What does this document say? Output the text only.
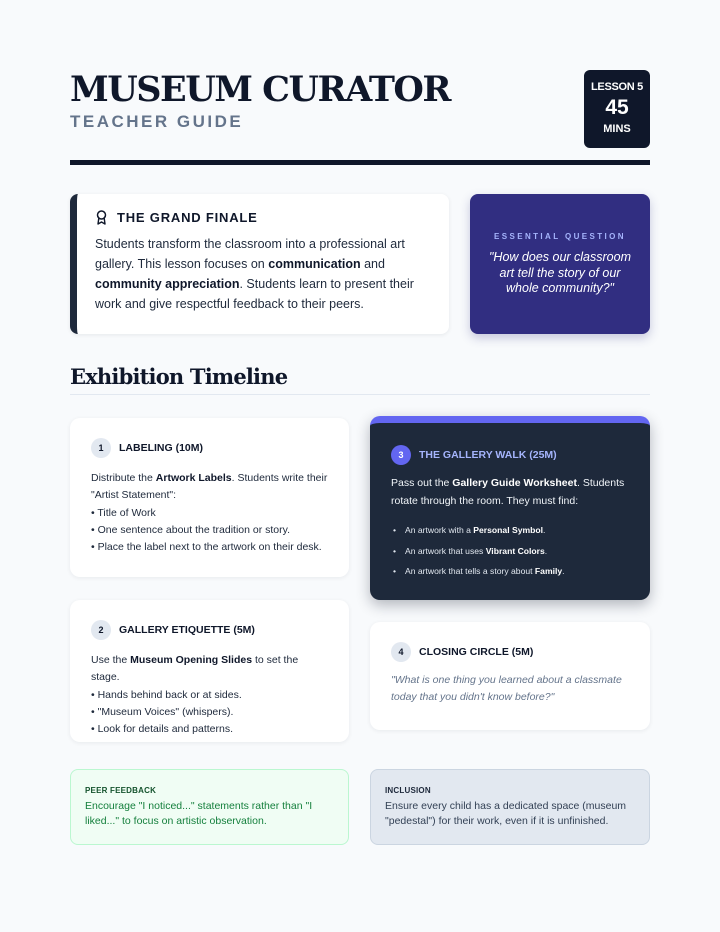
MUSEUM CURATOR
TEACHER GUIDE
LESSON 5
45
MINS
THE GRAND FINALE

Students transform the classroom into a professional art gallery. This lesson focuses on communication and community appreciation. Students learn to present their work and give respectful feedback to their peers.

ESSENTIAL QUESTION
"How does our classroom art tell the story of our whole community?"
Exhibition Timeline
1	LABELING (10M)
Distribute the Artwork Labels. Students write their "Artist Statement":
• Title of Work
• One sentence about the tradition or story.
• Place the label next to the artwork on their desk.
2	GALLERY ETIQUETTE (5M)
Use the Museum Opening Slides to set the stage.
• Hands behind back or at sides.
• "Museum Voices" (whispers).
• Look for details and patterns.
3	THE GALLERY WALK (25M)
Pass out the Gallery Guide Worksheet. Students rotate through the room. They must find:
• An artwork with a Personal Symbol.
• An artwork that uses Vibrant Colors.
• An artwork that tells a story about Family.
4	CLOSING CIRCLE (5M)
"What is one thing you learned about a classmate today that you didn't know before?"
PEER FEEDBACK
Encourage "I noticed..." statements rather than "I liked..." to focus on artistic observation.
INCLUSION
Ensure every child has a dedicated space (museum "pedestal") for their work, even if it is unfinished.
